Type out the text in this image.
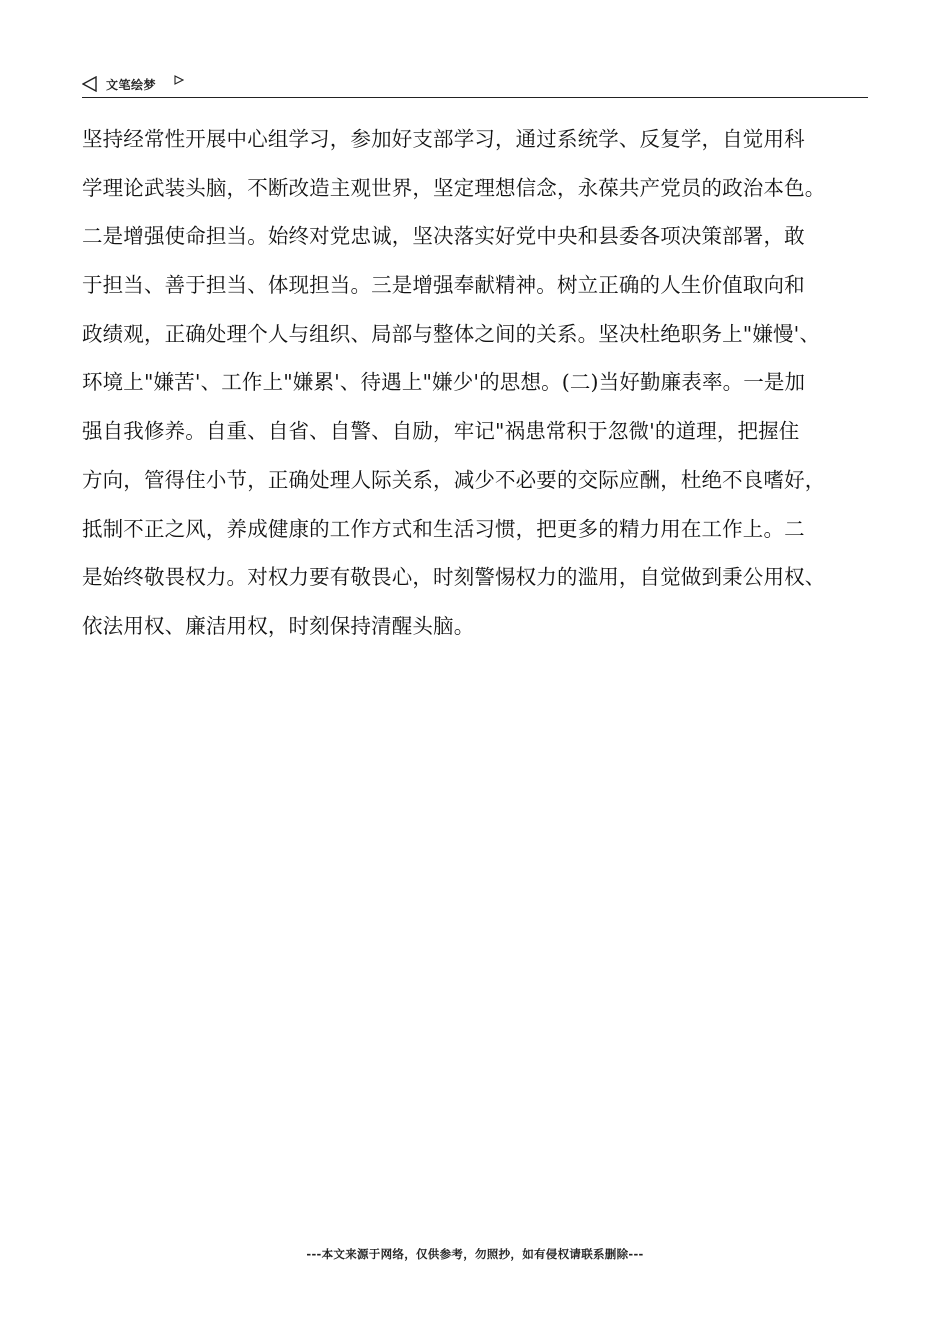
文笔绘梦
坚持经常性开展中心组学习，参加好支部学习，通过系统学、反复学，自觉用科
学理论武装头脑，不断改造主观世界，坚定理想信念，永葆共产党员的政治本色。
二是增强使命担当。始终对党忠诚，坚决落实好党中央和县委各项决策部署，敢
于担当、善于担当、体现担当。三是增强奉献精神。树立正确的人生价值取向和
政绩观，正确处理个人与组织、局部与整体之间的关系。坚决杜绝职务上"嫌慢'、
环境上"嫌苦'、工作上"嫌累'、待遇上"嫌少'的思想。(二)当好勤廉表率。一是加
强自我修养。自重、自省、自警、自励，牢记"祸患常积于忽微'的道理，把握住
方向，管得住小节，正确处理人际关系，减少不必要的交际应酬，杜绝不良嗜好，
抵制不正之风，养成健康的工作方式和生活习惯，把更多的精力用在工作上。二
是始终敬畏权力。对权力要有敬畏心，时刻警惕权力的滥用，自觉做到秉公用权、
依法用权、廉洁用权，时刻保持清醒头脑。
---本文来源于网络，仅供参考，勿照抄，如有侵权请联系删除---
